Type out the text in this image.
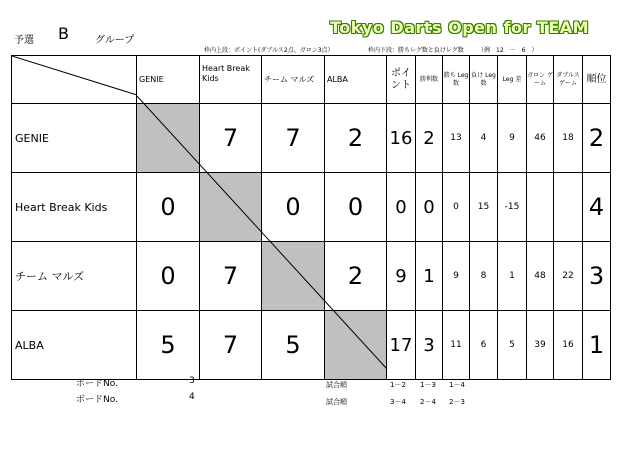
予選 B	グループ
Tokyo Darts Open for TEAM
枠内上段：ポイント(ダブルス2点、ガロン3点）	枠内下段：勝ちレグ数と負けレグ数 （例　12　－　6　）
	GENIE	Heart Break Kids	チーム マルズ	ALBA	ポイント	勝利数	勝ち Leg数	負け Leg数	Leg 差	ガロン ゲーム	ダブルス ゲーム	順位
GENIE		7	7	2	16	2	13	4	9	46	18	2
Heart Break Kids	0		0	0	0	0	0	15	-15			4
チーム マルズ	0	7		2	9	1	9	8	1	48	22	3
ALBA	5	7	5		17	3	11	6	5	39	16	1
ボードNo.	3
ボードNo.	4
試合順	1－2 1－3 1－4
試合順	3－4 2－4 2－3
